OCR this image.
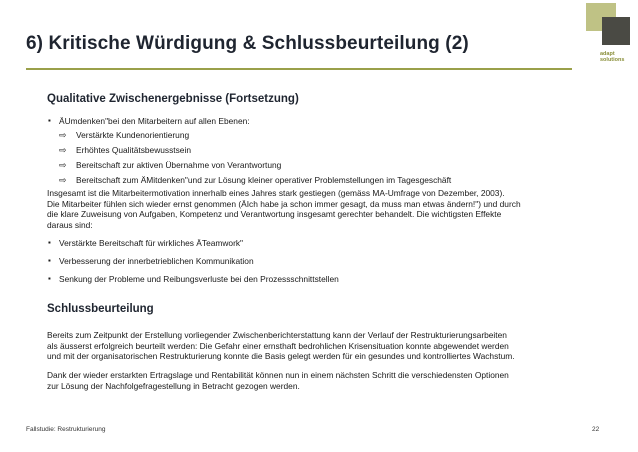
6) Kritische Würdigung & Schlussbeurteilung (2)	adapt
solutions
Qualitative Zwischenergebnisse (Fortsetzung)
▪ ÄUmdenken"bei den Mitarbeitern auf allen Ebenen:
⇨ Verstärkte Kundenorientierung
⇨ Erhöhtes Qualitätsbewusstsein
⇨ Bereitschaft zur aktiven Übernahme von Verantwortung
⇨ Bereitschaft zum ÄMitdenken"und zur Lösung kleiner operativer Problemstellungen im Tagesgeschäft
Insgesamt ist die Mitarbeitermotivation innerhalb eines Jahres stark gestiegen (gemäss MA-Umfrage von Dezember, 2003).
Die Mitarbeiter fühlen sich wieder ernst genommen (ÄIch habe ja schon immer gesagt, da muss man etwas ändern!") und durch
die klare Zuweisung von Aufgaben, Kompetenz und Verantwortung insgesamt gerechter behandelt. Die wichtigsten Effekte
daraus sind:
▪ Verstärkte Bereitschaft für wirkliches ÄTeamwork"
▪ Verbesserung der innerbetrieblichen Kommunikation
▪ Senkung der Probleme und Reibungsverluste bei den Prozessschnittstellen
Schlussbeurteilung
Bereits zum Zeitpunkt der Erstellung vorliegender Zwischenberichterstattung kann der Verlauf der Restrukturierungsarbeiten
als äusserst erfolgreich beurteilt werden: Die Gefahr einer ernsthaft bedrohlichen Krisensituation konnte abgewendet werden
und mit der organisatorischen Restrukturierung konnte die Basis gelegt werden für ein gesundes und kontrolliertes Wachstum.
Dank der wieder erstarkten Ertragslage und Rentabilität können nun in einem nächsten Schritt die verschiedensten Optionen
zur Lösung der Nachfolgefragestellung in Betracht gezogen werden.
Fallstudie: Restrukturierung	22
